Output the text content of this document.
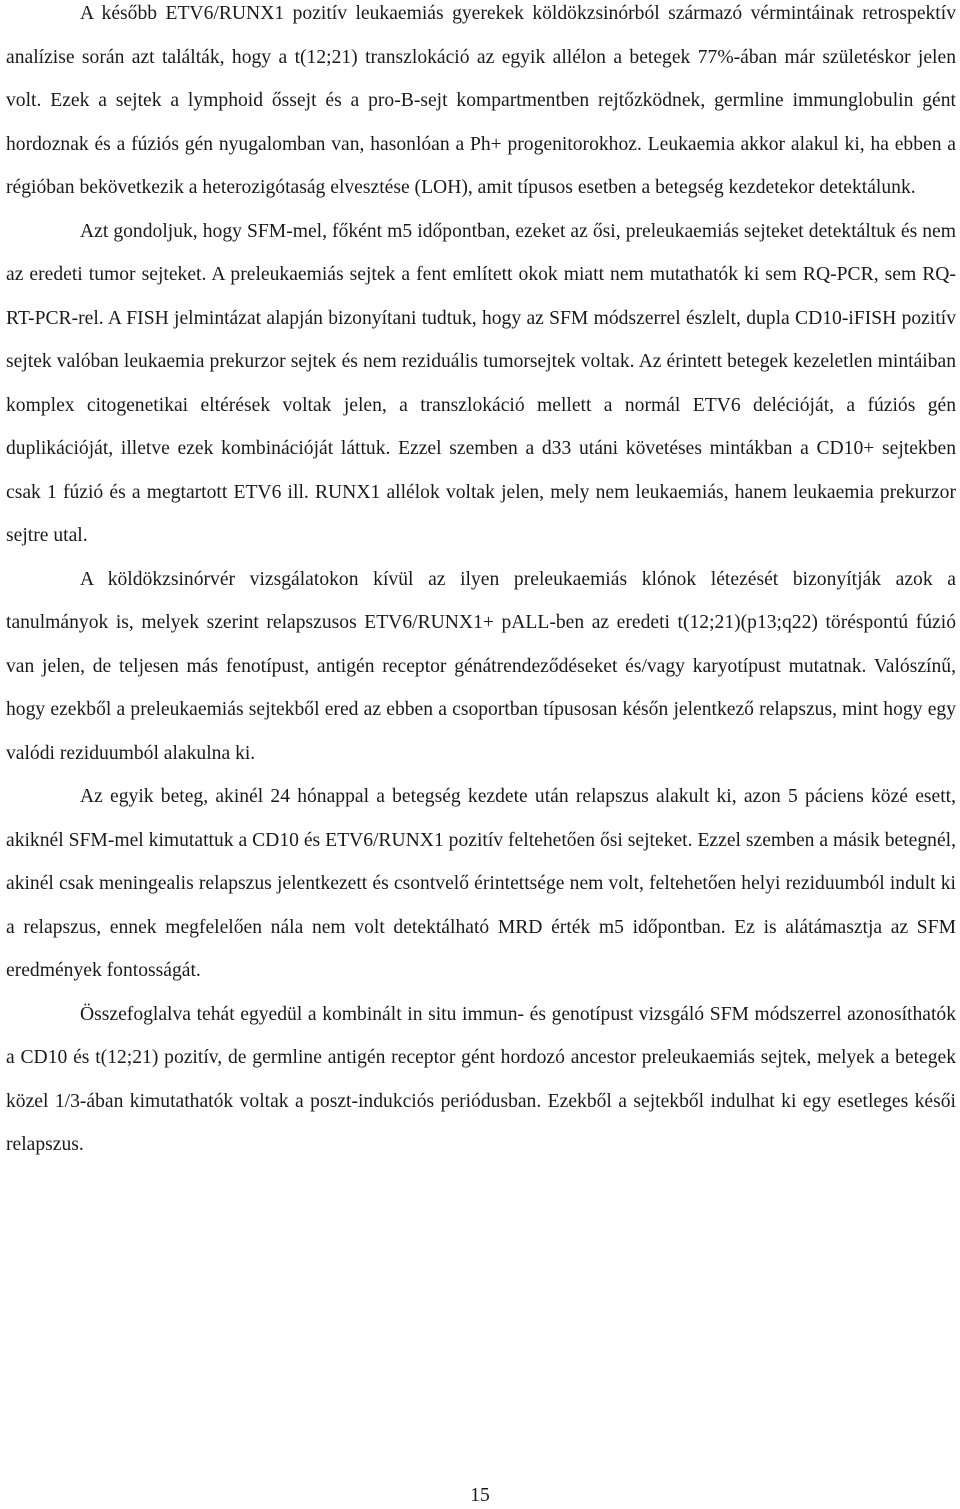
A később ETV6/RUNX1 pozitív leukaemiás gyerekek köldökzsinórból származó vérmintáinak retrospektív analízise során azt találták, hogy a t(12;21) transzlokáció az egyik allélon a betegek 77%-ában már születéskor jelen volt. Ezek a sejtek a lymphoid őssejt és a pro-B-sejt kompartmentben rejtőzködnek, germline immunglobulin gént hordoznak és a fúziós gén nyugalomban van, hasonlóan a Ph+ progenitorokhoz. Leukaemia akkor alakul ki, ha ebben a régióban bekövetkezik a heterozigótaság elvesztése (LOH), amit típusos esetben a betegség kezdetekor detektálunk.

Azt gondoljuk, hogy SFM-mel, főként m5 időpontban, ezeket az ősi, preleukaemiás sejteket detektáltuk és nem az eredeti tumor sejteket. A preleukaemiás sejtek a fent említett okok miatt nem mutathatók ki sem RQ-PCR, sem RQ-RT-PCR-rel. A FISH jelmintázat alapján bizonyítani tudtuk, hogy az SFM módszerrel észlelt, dupla CD10-iFISH pozitív sejtek valóban leukaemia prekurzor sejtek és nem reziduális tumorsejtek voltak. Az érintett betegek kezeletlen mintáiban komplex citogenetikai eltérések voltak jelen, a transzlokáció mellett a normál ETV6 delécióját, a fúziós gén duplikációját, illetve ezek kombinációját láttuk. Ezzel szemben a d33 utáni követéses mintákban a CD10+ sejtekben csak 1 fúzió és a megtartott ETV6 ill. RUNX1 allélok voltak jelen, mely nem leukaemiás, hanem leukaemia prekurzor sejtre utal.

A köldökzsinórvér vizsgálatokon kívül az ilyen preleukaemiás klónok létezését bizonyítják azok a tanulmányok is, melyek szerint relapszusos ETV6/RUNX1+ pALL-ben az eredeti t(12;21)(p13;q22) töréspontú fúzió van jelen, de teljesen más fenotípust, antigén receptor génátrendeződéseket és/vagy karyotípust mutatnak. Valószínű, hogy ezekből a preleukaemiás sejtekből ered az ebben a csoportban típusosan későn jelentkező relapszus, mint hogy egy valódi reziduumból alakulna ki.

Az egyik beteg, akinél 24 hónappal a betegség kezdete után relapszus alakult ki, azon 5 páciens közé esett, akiknél SFM-mel kimutattuk a CD10 és ETV6/RUNX1 pozitív feltehetően ősi sejteket. Ezzel szemben a másik betegnél, akinél csak meningealis relapszus jelentkezett és csontvelő érintettsége nem volt, feltehetően helyi reziduumból indult ki a relapszus, ennek megfelelően nála nem volt detektálható MRD érték m5 időpontban. Ez is alátámasztja az SFM eredmények fontosságát.

Összefoglalva tehát egyedül a kombinált in situ immun- és genotípust vizsgáló SFM módszerrel azonosíthatók a CD10 és t(12;21) pozitív, de germline antigén receptor gént hordozó ancestor preleukaemiás sejtek, melyek a betegek közel 1/3-ában kimutathatók voltak a poszt-indukciós periódusban. Ezekből a sejtekből indulhat ki egy esetleges késői relapszus.

15
